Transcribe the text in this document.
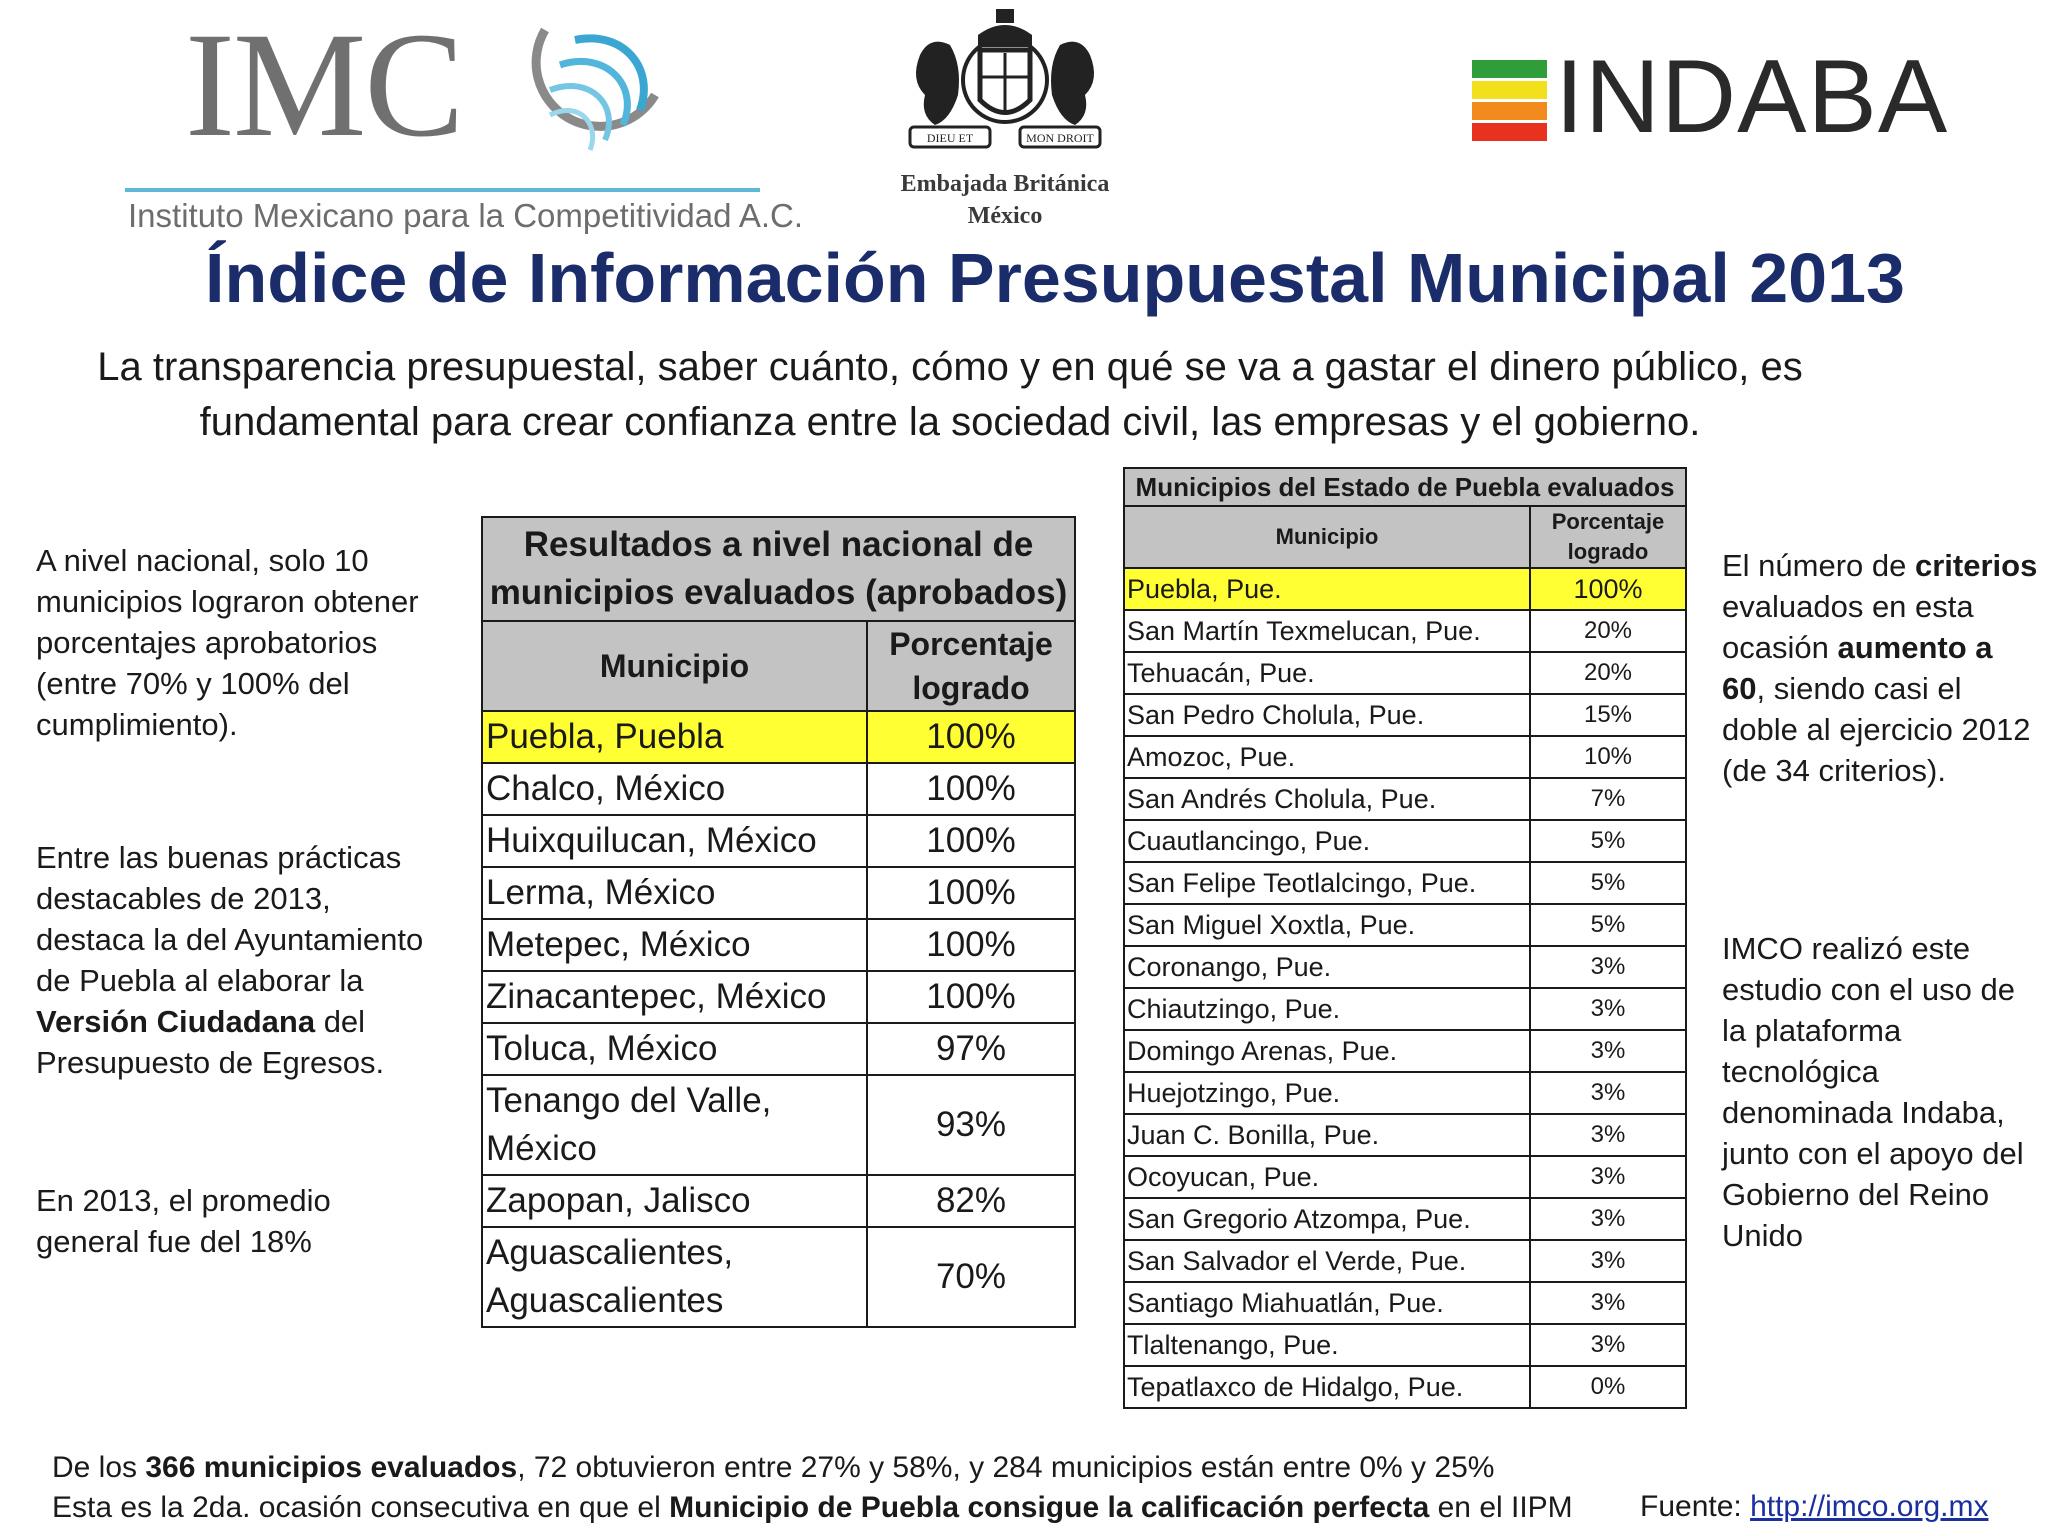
IMC
Instituto Mexicano para la Competitividad A.C.
DIEU ET	MON DROIT
Embajada Británica
México
INDABA
Índice de Información Presupuestal Municipal 2013
La transparencia presupuestal, saber cuánto, cómo y en qué se va a gastar el dinero público, es
fundamental para crear confianza entre la sociedad civil, las empresas y el gobierno.
A nivel nacional, solo 10 municipios lograron obtener porcentajes aprobatorios (entre 70% y 100% del cumplimiento).
Entre las buenas prácticas destacables de 2013, destaca la del Ayuntamiento de Puebla al elaborar la Versión Ciudadana del Presupuesto de Egresos.
En 2013, el promedio general fue del 18%
Resultados a nivel nacional de municipios evaluados (aprobados)	
Municipio	Porcentaje logrado
Puebla, Puebla	100%
Chalco, México	100%
Huixquilucan, México	100%
Lerma, México	100%
Metepec, México	100%
Zinacantepec, México	100%
Toluca, México	97%
Tenango del Valle, México	93%
Zapopan, Jalisco	82%
Aguascalientes, Aguascalientes	70%
Municipios del Estado de Puebla evaluados	
Municipio	Porcentaje logrado
Puebla, Pue.	100%
San Martín Texmelucan, Pue.	20%
Tehuacán, Pue.	20%
San Pedro Cholula, Pue.	15%
Amozoc, Pue.	10%
San Andrés Cholula, Pue.	7%
Cuautlancingo, Pue.	5%
San Felipe Teotlalcingo, Pue.	5%
San Miguel Xoxtla, Pue.	5%
Coronango, Pue.	3%
Chiautzingo, Pue.	3%
Domingo Arenas, Pue.	3%
Huejotzingo, Pue.	3%
Juan C. Bonilla, Pue.	3%
Ocoyucan, Pue.	3%
San Gregorio Atzompa, Pue.	3%
San Salvador el Verde, Pue.	3%
Santiago Miahuatlán, Pue.	3%
Tlaltenango, Pue.	3%
Tepatlaxco de Hidalgo, Pue.	0%
El número de criterios evaluados en esta ocasión aumento a 60, siendo casi el doble al ejercicio 2012 (de 34 criterios).
IMCO realizó este estudio con el uso de la plataforma tecnológica denominada Indaba, junto con el apoyo del Gobierno del Reino Unido
De los 366 municipios evaluados, 72 obtuvieron entre 27% y 58%, y 284 municipios están entre 0% y 25%
Esta es la 2da. ocasión consecutiva en que el Municipio de Puebla consigue la calificación perfecta en el IIPM Fuente: http://imco.org.mx
